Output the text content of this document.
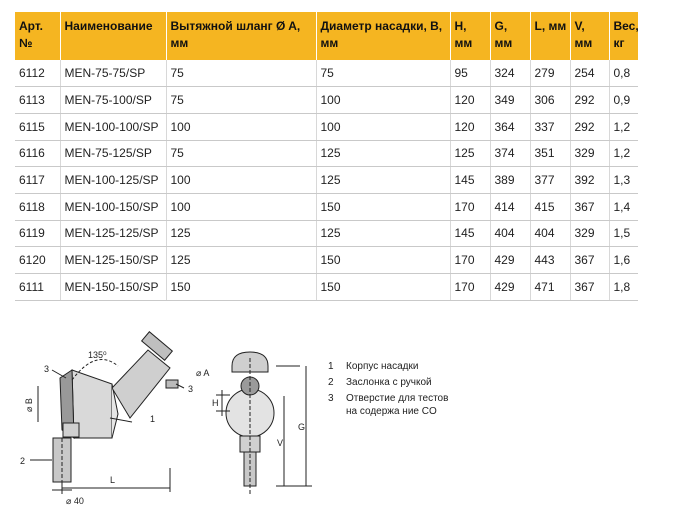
Арт. №	Наименование	Вытяжной шланг Ø A, мм	Диаметр насадки, B, мм	H, мм	G, мм	L, мм	V, мм	Вес, кг
6112	MEN-75-75/SP	75	75	95	324	279	254	0,8
6113	MEN-75-100/SP	75	100	120	349	306	292	0,9
6115	MEN-100-100/SP	100	100	120	364	337	292	1,2
6116	MEN-75-125/SP	75	125	125	374	351	329	1,2
6117	MEN-100-125/SP	100	125	145	389	377	392	1,3
6118	MEN-100-150/SP	100	150	170	414	415	367	1,4
6119	MEN-125-125/SP	125	125	145	404	404	329	1,5
6120	MEN-125-150/SP	125	150	170	429	443	367	1,6
6111	MEN-150-150/SP	150	150	170	429	471	367	1,8
135⁰
⌀ A
⌀ B
⌀ 40
L
H
V
G
1
2
3
3
1	Корпус насадки
2	Заслонка с ручкой
3	Отверстие для тестов на содержа ние CO
